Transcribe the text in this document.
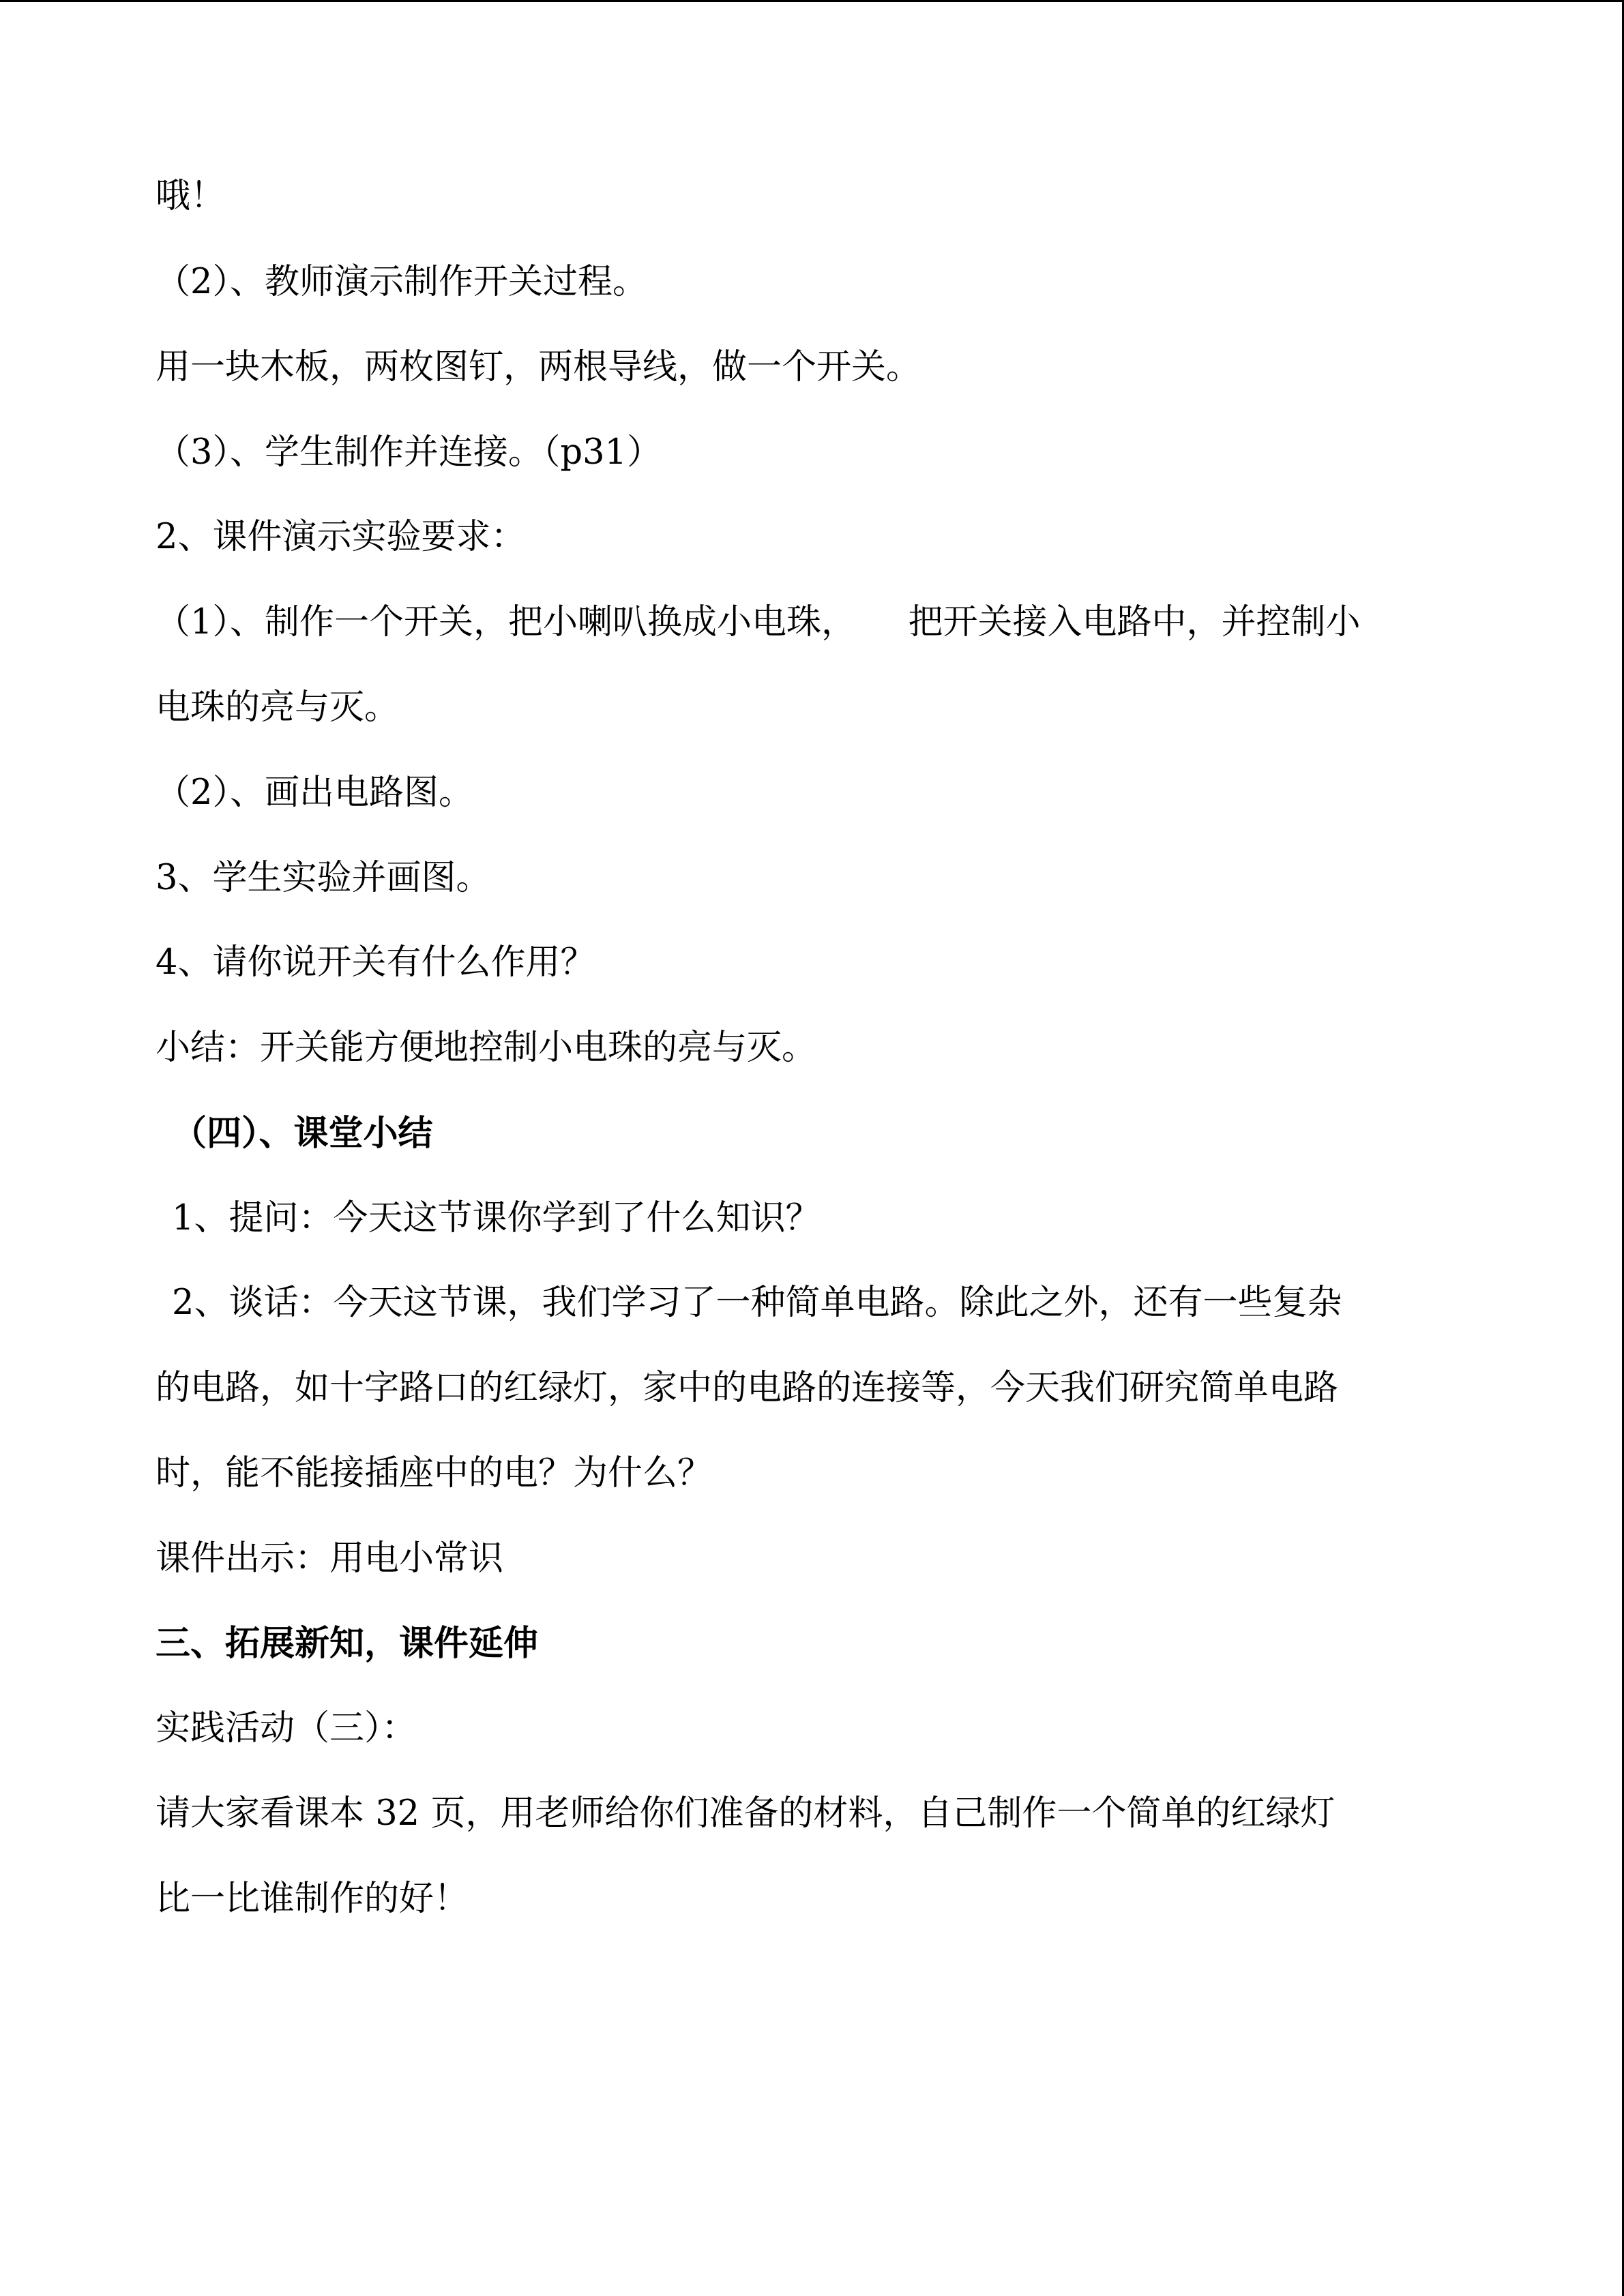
哦！
（2）、教师演示制作开关过程。
用一块木板，两枚图钉，两根导线，做一个开关。
（3）、学生制作并连接。（p31）
2、课件演示实验要求：
（1）、制作一个开关，把小喇叭换成小电珠，　　把开关接入电路中，并控制小
电珠的亮与灭。
（2）、画出电路图。
3、学生实验并画图。
4、请你说开关有什么作用？
小结：开关能方便地控制小电珠的亮与灭。
（四）、课堂小结
1、提问：今天这节课你学到了什么知识？
2、谈话：今天这节课，我们学习了一种简单电路。除此之外，还有一些复杂
的电路，如十字路口的红绿灯，家中的电路的连接等，今天我们研究简单电路
时，能不能接插座中的电？为什么？
课件出示：用电小常识
三、拓展新知，课件延伸
实践活动（三）：
请大家看课本 32 页，用老师给你们准备的材料，自己制作一个简单的红绿灯
比一比谁制作的好！
